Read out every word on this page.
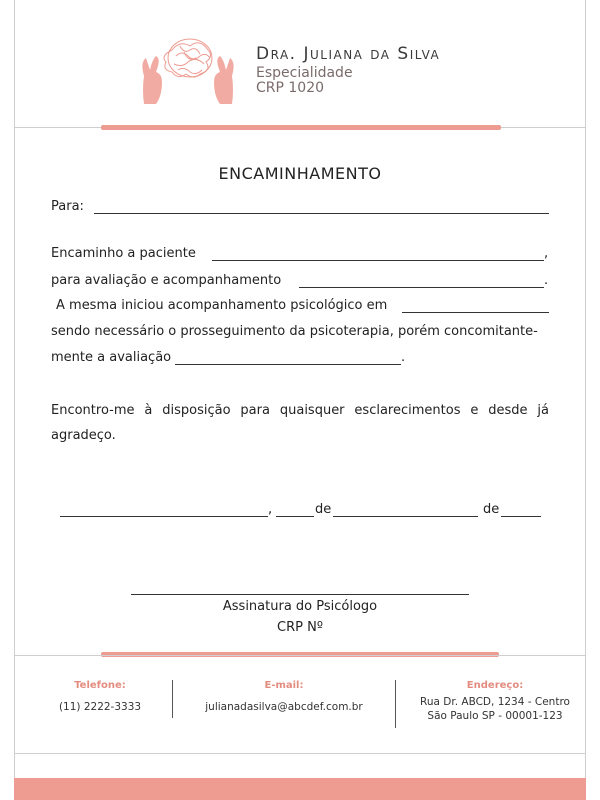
Dra. Juliana da Silva
Especialidade
CRP 1020
ENCAMINHAMENTO
Para:
Encaminho a paciente	,
para avaliação e acompanhamento	.
A mesma iniciou acompanhamento psicológico em
sendo necessário o prosseguimento da psicoterapia, porém concomitante-
mente a avaliação	.
Encontro-me à disposição para quaisquer esclarecimentos e desde já agradeço.
,	de	de
Assinatura do Psicólogo
CRP Nº
Telefone:
(11) 2222-3333
E-mail:
julianadasilva@abcdef.com.br
Endereço:
Rua Dr. ABCD, 1234 - Centro
São Paulo SP - 00001-123
